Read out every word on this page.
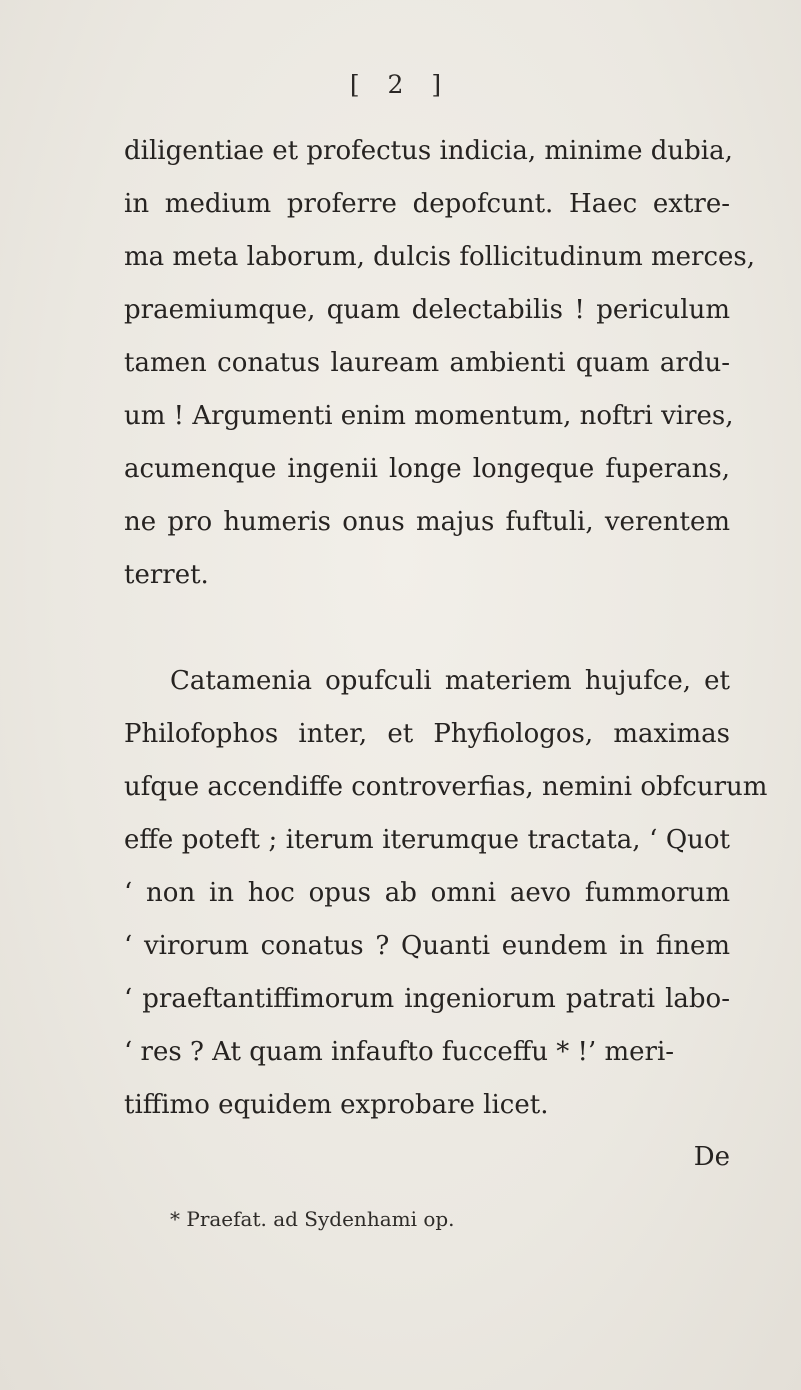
[ 2 ]
diligentiae et profectus indicia, minime dubia,
in medium proferre depofcunt. Haec extre-
ma meta laborum, dulcis follicitudinum merces,
praemiumque, quam delectabilis ! periculum
tamen conatus lauream ambienti quam ardu-
um ! Argumenti enim momentum, noftri vires,
acumenque ingenii longe longeque fuperans,
ne pro humeris onus majus fuftuli, verentem
terret.
Catamenia opufculi materiem hujufce, et
Philofophos inter, et Phyfiologos, maximas
ufque accendiffe controverfias, nemini obfcurum
effe poteft ; iterum iterumque tractata, ‘ Quot
‘ non in hoc opus ab omni aevo fummorum
‘ virorum conatus ? Quanti eundem in finem
‘ praeftantiffimorum ingeniorum patrati labo-
‘ res ? At quam infaufto fucceffu * !’ meri-
tiffimo equidem exprobare licet.
De
* Praefat. ad Sydenhami op.
